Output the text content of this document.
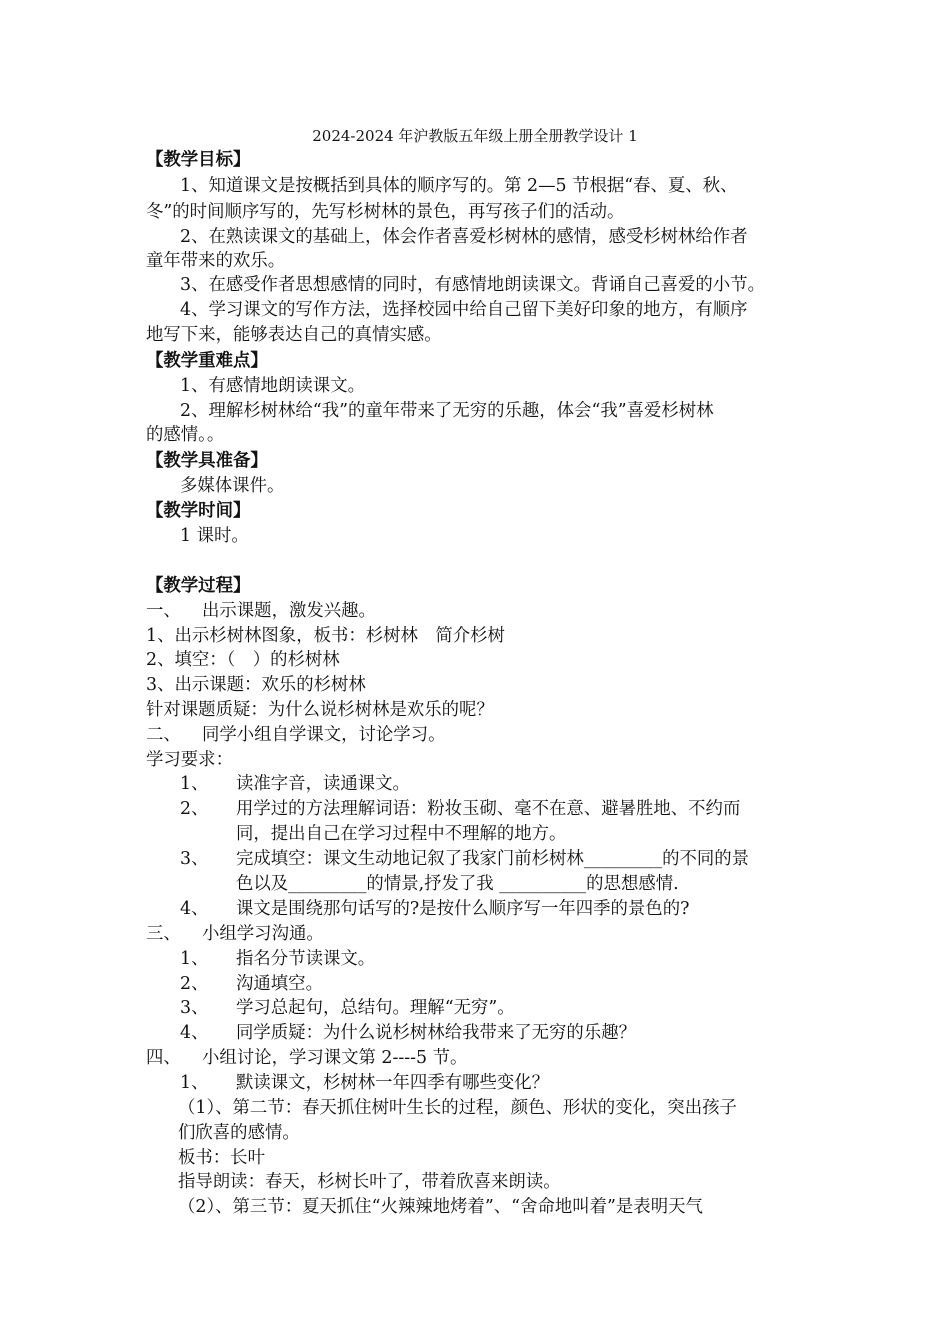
2024-2024 年沪教版五年级上册全册教学设计 1
【教学目标】
1、知道课文是按概括到具体的顺序写的。第 2—5 节根据“春、夏、秋、
冬”的时间顺序写的，先写杉树林的景色，再写孩子们的活动。
2、在熟读课文的基础上，体会作者喜爱杉树林的感情，感受杉树林给作者
童年带来的欢乐。
3、在感受作者思想感情的同时，有感情地朗读课文。背诵自己喜爱的小节。
4、学习课文的写作方法，选择校园中给自己留下美好印象的地方，有顺序
地写下来，能够表达自己的真情实感。
【教学重难点】
1、有感情地朗读课文。
2、理解杉树林给“我”的童年带来了无穷的乐趣，体会“我”喜爱杉树林
的感情。。
【教学具准备】
多媒体课件。
【教学时间】
1 课时。
【教学过程】
一、 出示课题，激发兴趣。
1、出示杉树林图象，板书：杉树林　简介杉树
2、填空：（　）的杉树林
3、出示课题：欢乐的杉树林
针对课题质疑：为什么说杉树林是欢乐的呢？
二、 同学小组自学课文，讨论学习。
学习要求：
1、 读准字音，读通课文。
2、 用学过的方法理解词语：粉妆玉砌、毫不在意、避暑胜地、不约而
同，提出自己在学习过程中不理解的地方。
3、 完成填空：课文生动地记叙了我家门前杉树林_________的不同的景
色以及_________的情景,抒发了我 __________的思想感情.
4、 课文是围绕那句话写的?是按什么顺序写一年四季的景色的?
三、 小组学习沟通。
1、 指名分节读课文。
2、 沟通填空。
3、 学习总起句，总结句。理解“无穷”。
4、 同学质疑：为什么说杉树林给我带来了无穷的乐趣？
四、 小组讨论，学习课文第 2----5 节。
1、 默读课文，杉树林一年四季有哪些变化？
（1）、第二节：春天抓住树叶生长的过程，颜色、形状的变化，突出孩子
们欣喜的感情。
板书：长叶
指导朗读：春天，杉树长叶了，带着欣喜来朗读。
（2）、第三节：夏天抓住“火辣辣地烤着”、“舍命地叫着”是表明天气
